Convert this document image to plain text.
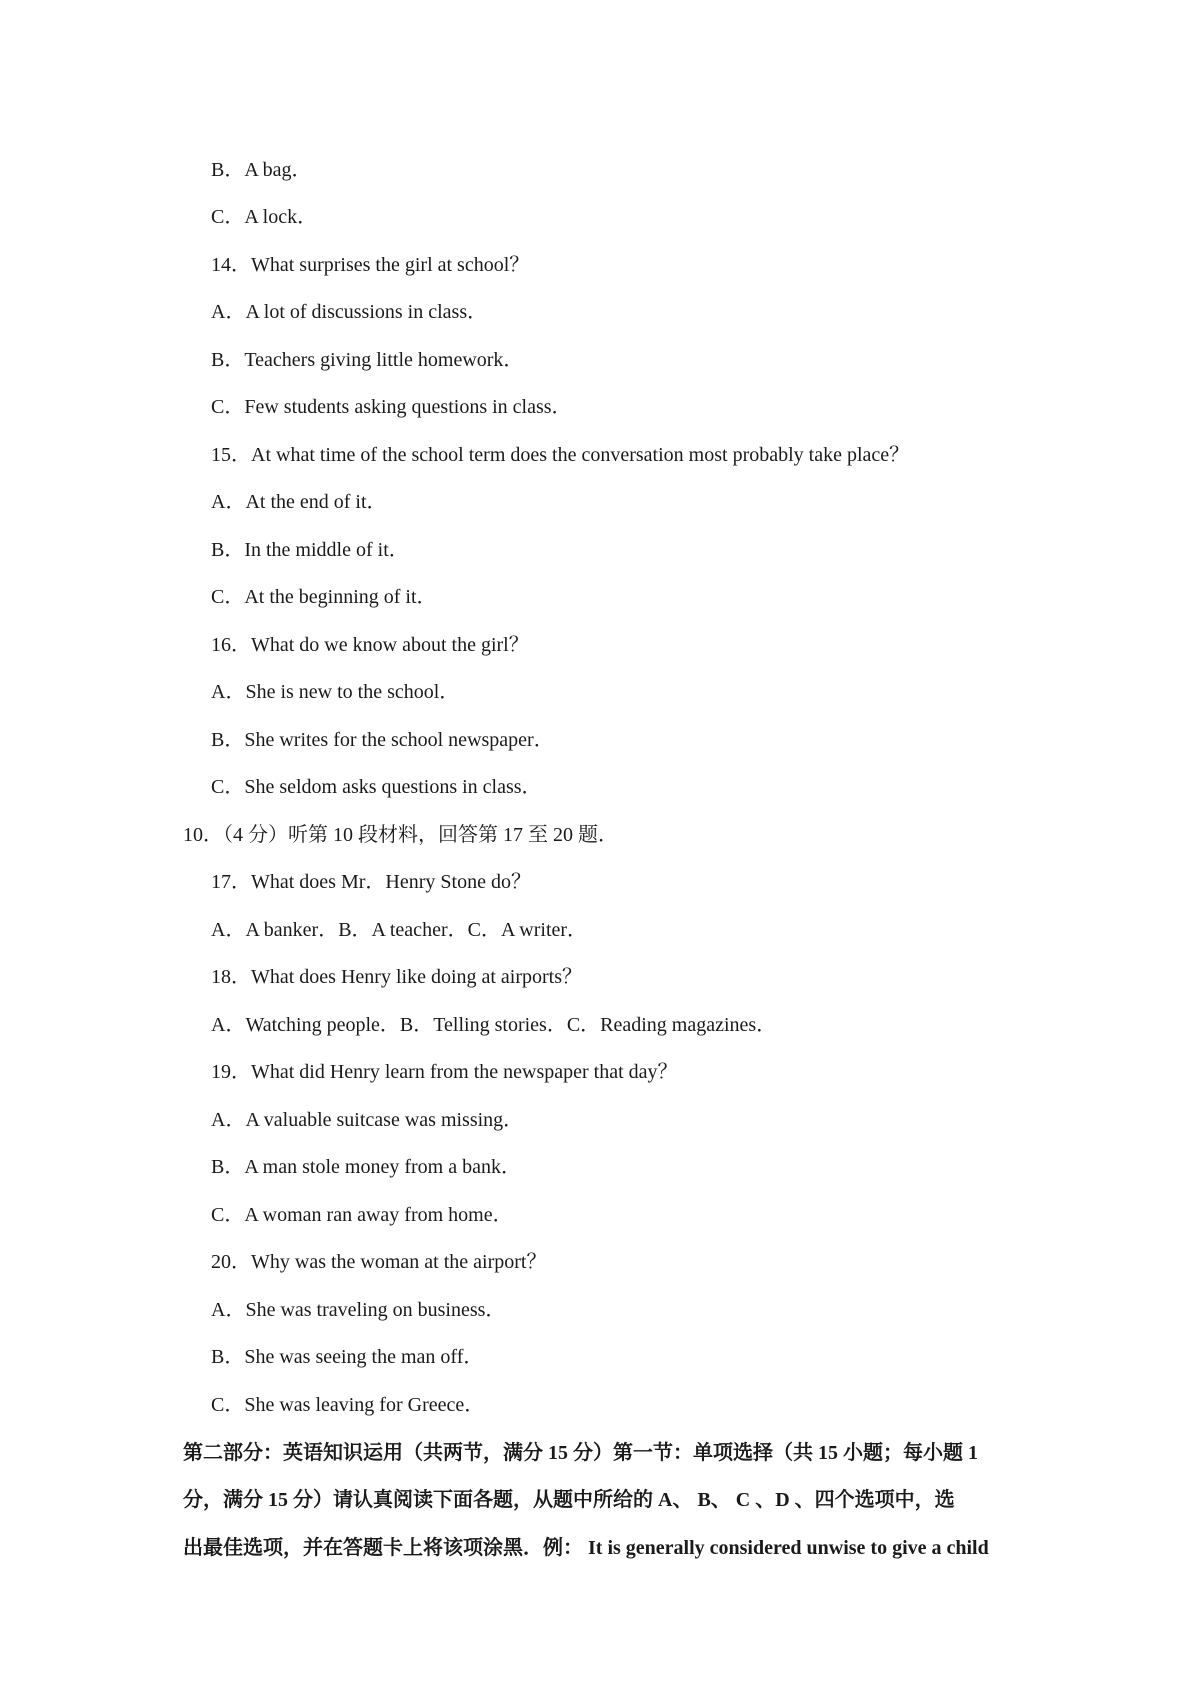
B．A bag．
C．A lock．
14．What surprises the girl at school？
A．A lot of discussions in class．
B．Teachers giving little homework．
C．Few students asking questions in class．
15．At what time of the school term does the conversation most probably take place？
A．At the end of it．
B．In the middle of it．
C．At the beginning of it．
16．What do we know about the girl？
A．She is new to the school．
B．She writes for the school newspaper．
C．She seldom asks questions in class．
10．（4 分）听第 10 段材料，回答第 17 至 20 题．
17．What does Mr．Henry Stone do？
A．A banker．B．A teacher．C．A writer．
18．What does Henry like doing at airports？
A．Watching people．B．Telling stories．C．Reading magazines．
19．What did Henry learn from the newspaper that day？
A．A valuable suitcase was missing．
B．A man stole money from a bank．
C．A woman ran away from home．
20．Why was the woman at the airport？
A．She was traveling on business．
B．She was seeing the man off．
C．She was leaving for Greece．
第二部分：英语知识运用（共两节，满分 15 分）第一节：单项选择（共 15 小题；每小题 1
分，满分 15 分）请认真阅读下面各题，从题中所给的 A、 B、 C 、D 、四个选项中，选
出最佳选项，并在答题卡上将该项涂黑．例： It is generally considered unwise to give a child
